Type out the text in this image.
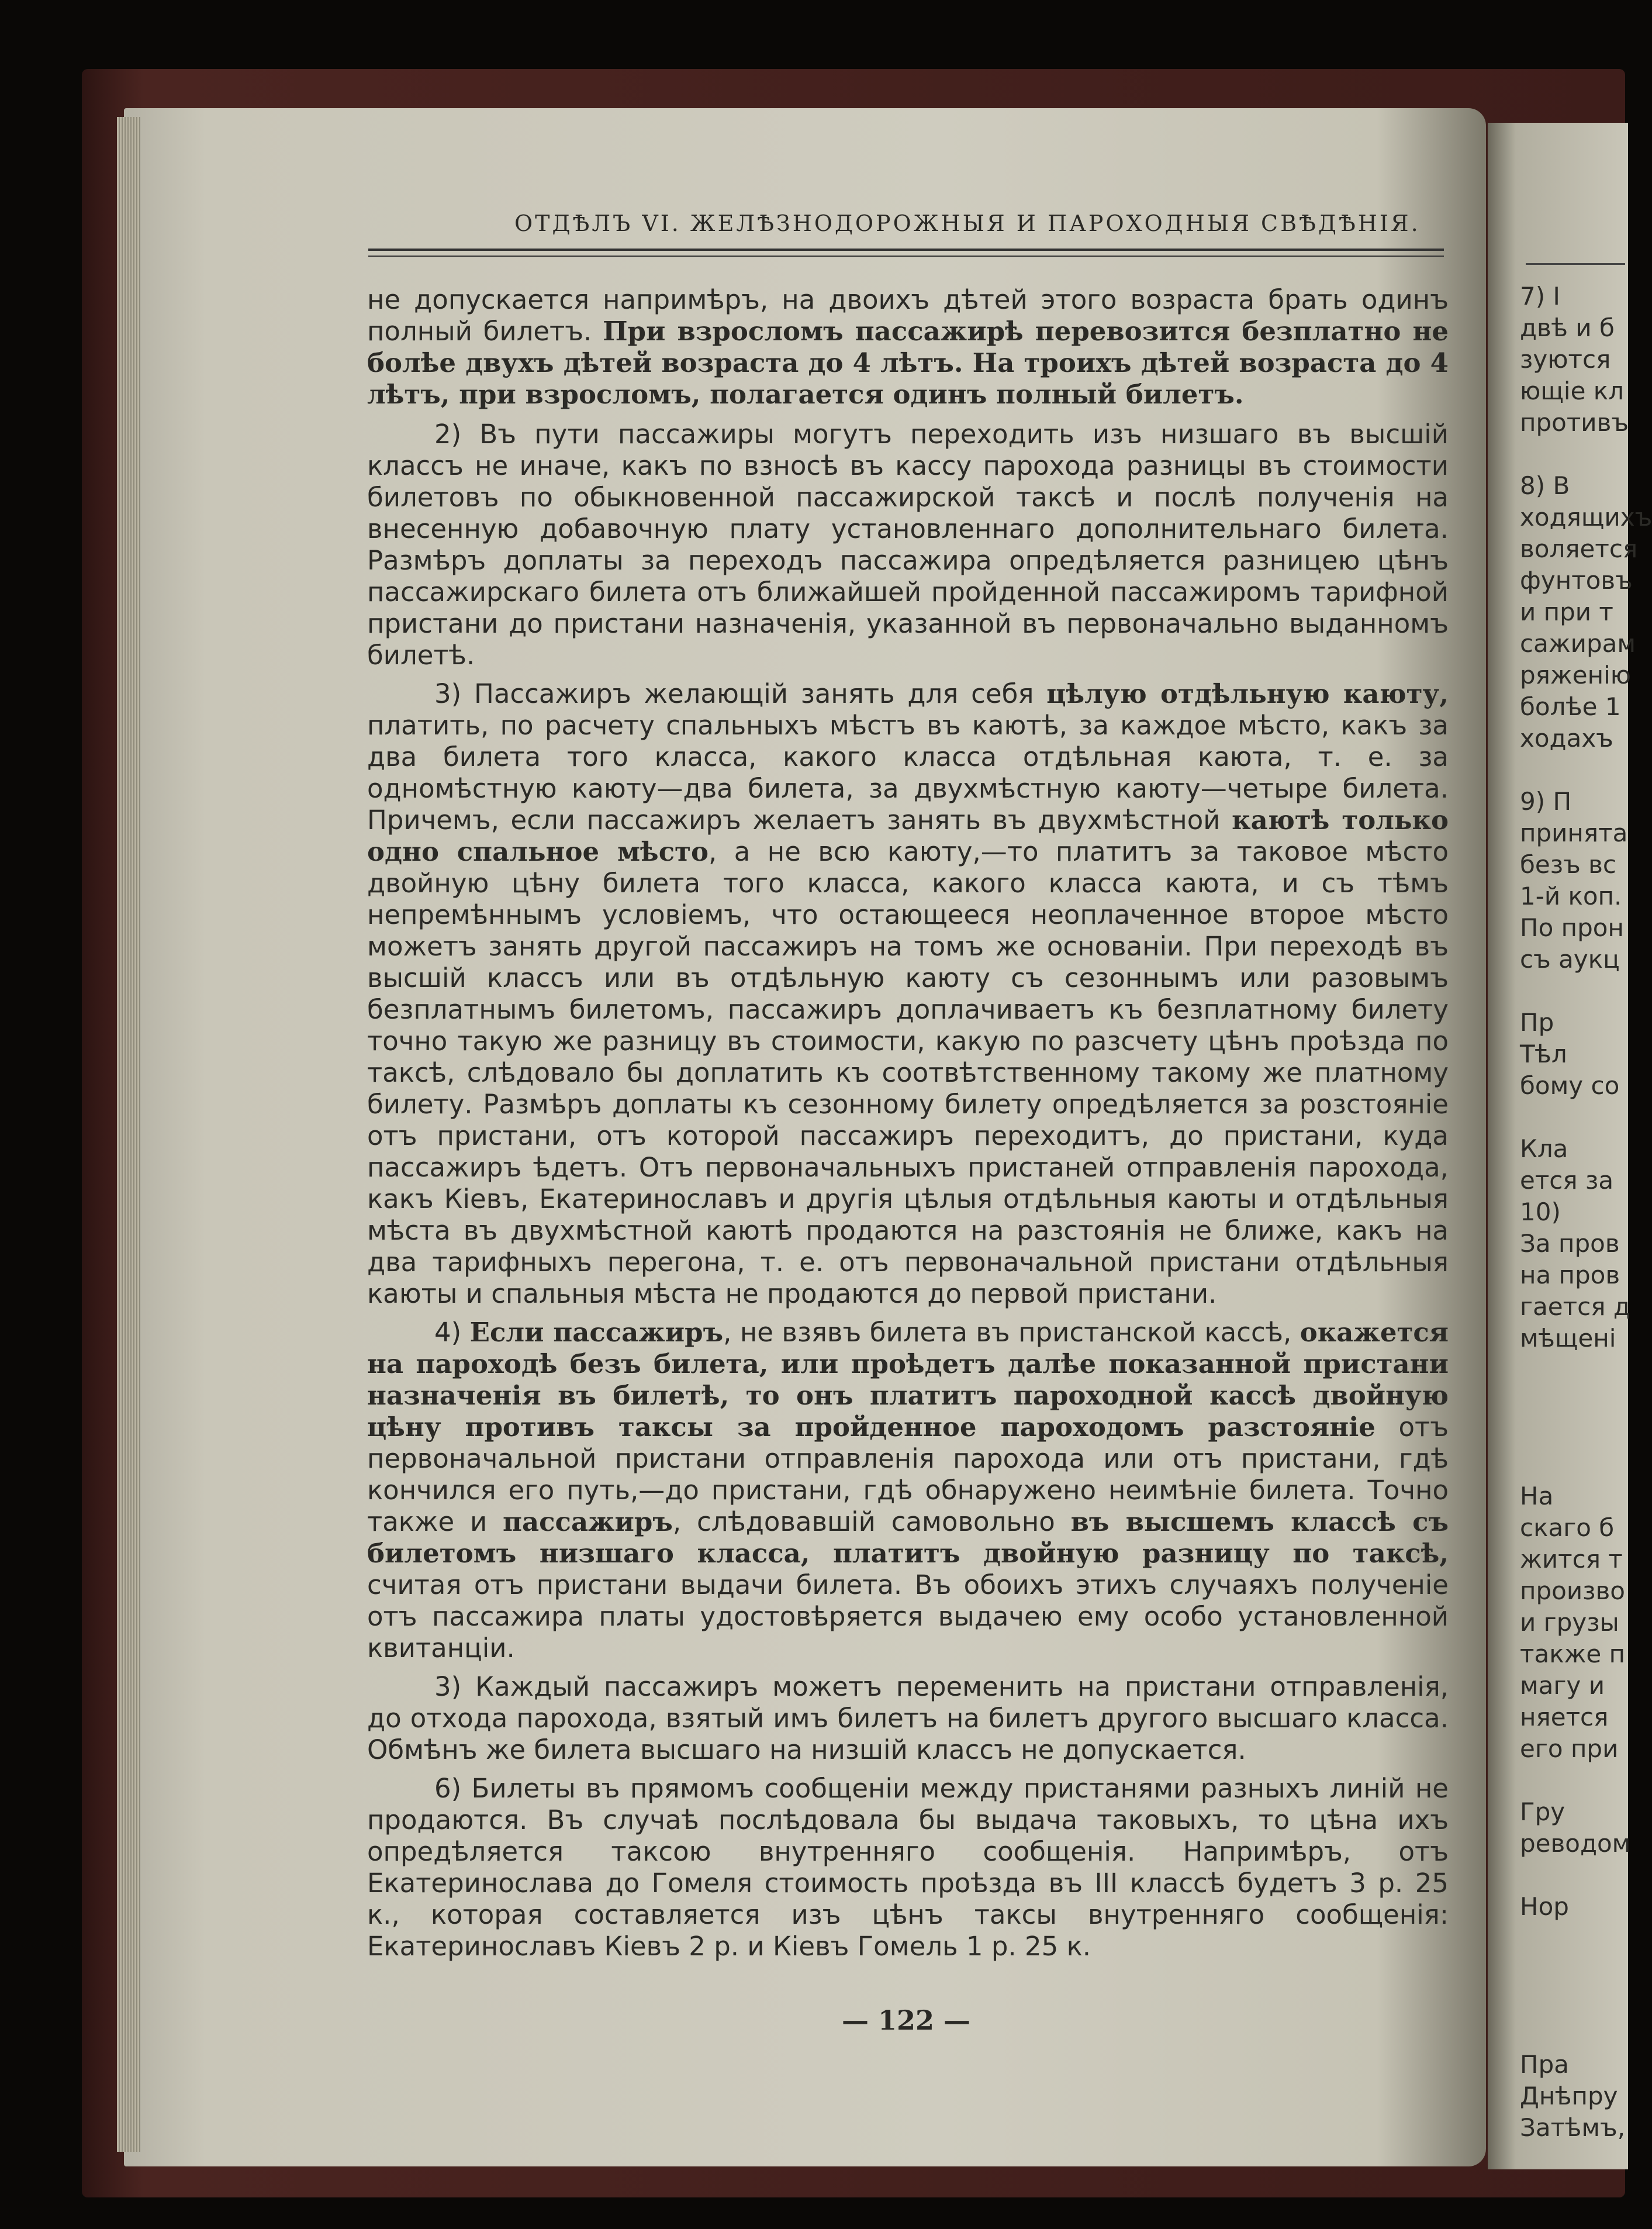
7) І
двѣ и б
зуются
ющіе кл
противъ
8) В
ходящихъ
воляется
фунтовъ
и при т
сажирам
ряженію
болѣе 1
ходахъ
9) П
принята
безъ вс
1-й коп.
По прон
съ аукц
Пр
Тѣл
бому со
Кла
ется за
10)
За пров
на пров
гается д
мѣщені
На
скаго б
жится т
произво
и грузы
также п
магу и
няется
его при
Гру
реводом
Нор
Пра
Днѣпру
Затѣмъ,
ОТДѢЛЪ VI. ЖЕЛѢЗНОДОРОЖНЫЯ И ПАРОХОДНЫЯ СВѢДѢНІЯ.

не допускается напримѣръ, на двоихъ дѣтей этого возраста брать одинъ полный билетъ. При взросломъ пассажирѣ перевозится безплатно не болѣе двухъ дѣтей возраста до 4 лѣтъ. На троихъ дѣтей возраста до 4 лѣтъ, при взросломъ, полагается одинъ полный билетъ.

2) Въ пути пассажиры могутъ переходить изъ низшаго въ высшій классъ не иначе, какъ по взносѣ въ кассу парохода разницы въ стоимости билетовъ по обыкновенной пассажирской таксѣ и послѣ полученія на внесенную добавочную плату установленнаго дополнительнаго билета. Размѣръ доплаты за переходъ пассажира опредѣляется разницею цѣнъ пассажирскаго билета отъ ближайшей пройденной пассажиромъ тарифной пристани до пристани назначенія, указанной въ первоначально выданномъ билетѣ.

3) Пассажиръ желающій занять для себя цѣлую отдѣльную каюту, платить, по расчету спальныхъ мѣстъ въ каютѣ, за каждое мѣсто, какъ за два билета того класса, какого класса отдѣльная каюта, т. е. за одномѣстную каюту—два билета, за двухмѣстную каюту—четыре билета. Причемъ, если пассажиръ желаетъ занять въ двухмѣстной каютѣ только одно спальное мѣсто, а не всю каюту,—то платитъ за таковое мѣсто двойную цѣну билета того класса, какого класса каюта, и съ тѣмъ непремѣннымъ условіемъ, что остающееся неоплаченное второе мѣсто можетъ занять другой пассажиръ на томъ же основаніи. При переходѣ въ высшій классъ или въ отдѣльную каюту съ сезоннымъ или разовымъ безплатнымъ билетомъ, пассажиръ доплачиваетъ къ безплатному билету точно такую же разницу въ стоимости, какую по разсчету цѣнъ проѣзда по таксѣ, слѣдовало бы доплатить къ соотвѣтственному такому же платному билету. Размѣръ доплаты къ сезонному билету опредѣляется за розстояніе отъ пристани, отъ которой пассажиръ переходитъ, до пристани, куда пассажиръ ѣдетъ. Отъ первоначальныхъ пристаней отправленія парохода, какъ Кіевъ, Екатеринославъ и другія цѣлыя отдѣльныя каюты и отдѣльныя мѣста въ двухмѣстной каютѣ продаются на разстоянія не ближе, какъ на два тарифныхъ перегона, т. е. отъ первоначальной пристани отдѣльныя каюты и спальныя мѣста не продаются до первой пристани.

4) Если пассажиръ, не взявъ билета въ пристанской кассѣ, окажется на пароходѣ безъ билета, или проѣдетъ далѣе показанной пристани назначенія въ билетѣ, то онъ платитъ пароходной кассѣ двойную цѣну противъ таксы за пройденное пароходомъ разстояніе отъ первоначальной пристани отправленія парохода или отъ пристани, гдѣ кончился его путь,—до пристани, гдѣ обнаружено неимѣніе билета. Точно также и пассажиръ, слѣдовавшій самовольно въ высшемъ классѣ съ билетомъ низшаго класса, платитъ двойную разницу по таксѣ, считая отъ пристани выдачи билета. Въ обоихъ этихъ случаяхъ полученіе отъ пассажира платы удостовѣряется выдачею ему особо установленной квитанціи.

3) Каждый пассажиръ можетъ переменить на пристани отправленія, до отхода парохода, взятый имъ билетъ на билетъ другого высшаго класса. Обмѣнъ же билета высшаго на низшій классъ не допускается.

6) Билеты въ прямомъ сообщеніи между пристанями разныхъ линій не продаются. Въ случаѣ послѣдовала бы выдача таковыхъ, то цѣна ихъ опредѣляется таксою внутренняго сообщенія. Напримѣръ, отъ Екатеринослава до Гомеля стоимость проѣзда въ III классѣ будетъ 3 р. 25 к., которая составляется изъ цѣнъ таксы внутренняго сообщенія: Екатеринославъ Кіевъ 2 р. и Кіевъ Гомель 1 р. 25 к.

— 122 —
